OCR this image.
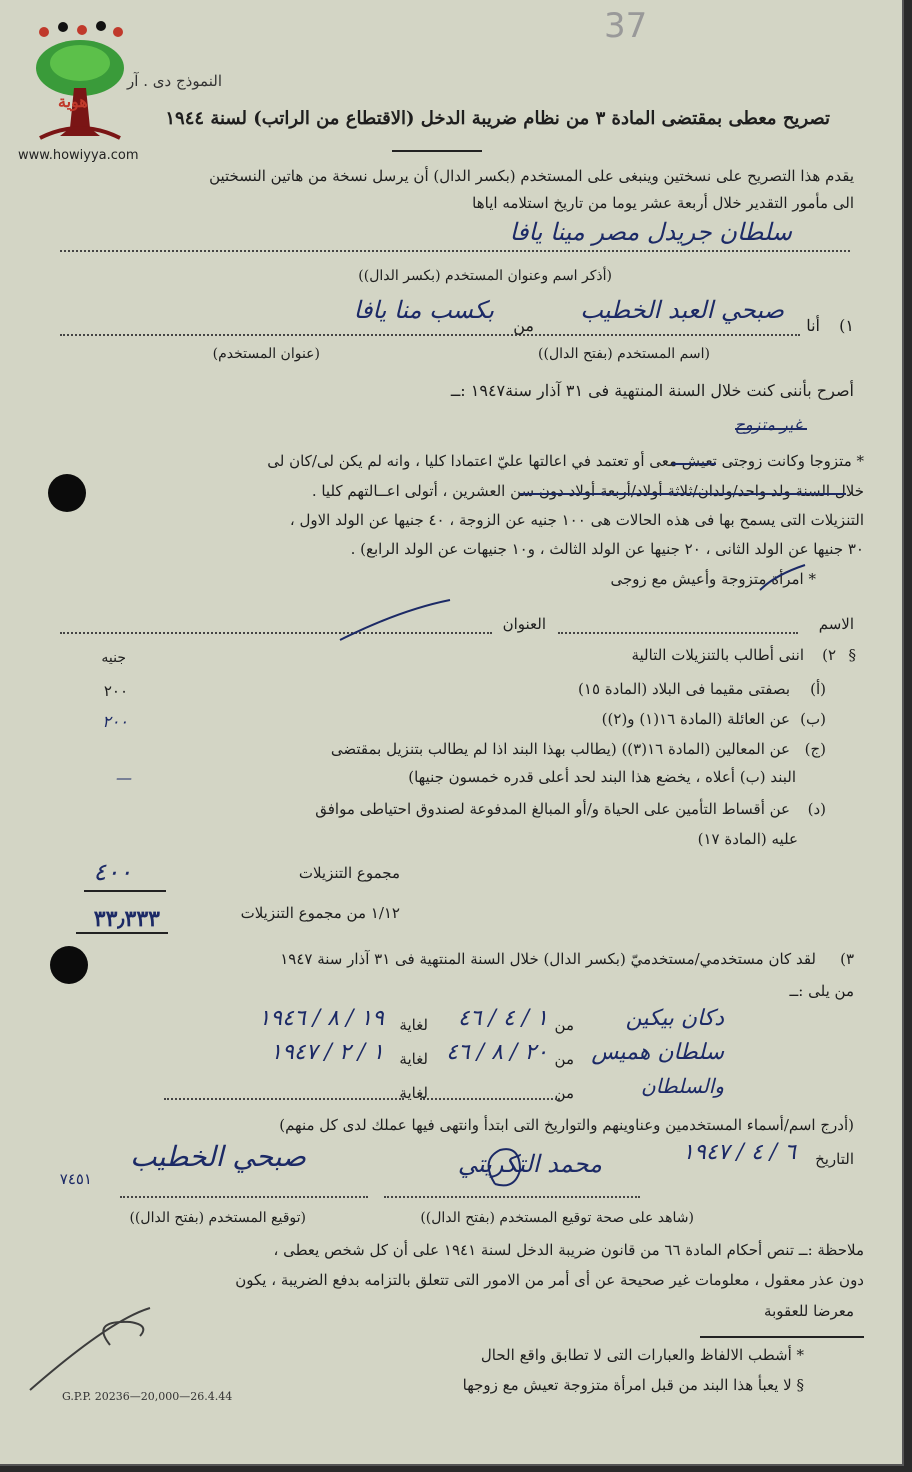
هوية
www.howiyya.com
37
النموذج دى . آر
تصريح معطى بمقتضى المادة ٣ من نظام ضريبة الدخل (الاقتطاع من الراتب) لسنة ١٩٤٤
يقدم هذا التصريح على نسختين وينبغى على المستخدم (بكسر الدال) أن يرسل نسخة من هاتين النسختين
الى مأمور التقدير خلال أربعة عشر يوما من تاريخ استلامه اياها
سلطان جريدل مصر مينا يافا
(أذكر اسم وعنوان المستخدم (بكسر الدال))
١)
أنا
صبحي العبد الخطيب
من
بكسب منا يافا
(اسم المستخدم (بفتح الدال))
(عنوان المستخدم)
أصرح بأننى كنت خلال السنة المنتهية فى ٣١ آذار سنة١٩٤٧ :ــ
غير متزوج
* متزوجا وكانت زوجتى تعيش معى أو تعتمد في اعالتها عليّ اعتمادا كليا ، وانه لم يكن لى/كان لى
خلال السنة ولد واحد/ولدان/ثلاثة أولاد/أربعة أولاد دون سن العشرين ، أتولى اعــالتهم كليا .
التنزيلات التى يسمح بها فى هذه الحالات هى ١٠٠ جنيه عن الزوجة ، ٤٠ جنيها عن الولد الاول ،
٣٠ جنيها عن الولد الثانى ، ٢٠ جنيها عن الولد الثالث ، و١٠ جنيهات عن الولد الرابع) .
* امرأة متزوجة وأعيش مع زوجى
الاسم
العنوان
§
٢)
اننى أطالب بالتنزيلات التالية
جنيه
(أ)
بصفتى مقيما فى البلاد (المادة ١٥)
٢٠٠
(ب)
عن العائلة (المادة ١٦(١) و(٢))
٢٠٠
(ج)
عن المعالين (المادة ١٦(٣)) (يطالب بهذا البند اذا لم يطالب بتنزيل بمقتضى
البند (ب) أعلاه ، يخضع هذا البند لحد أعلى قدره خمسون جنيها)
—
(د)
عن أقساط التأمين على الحياة و/أو المبالغ المدفوعة لصندوق احتياطى موافق
عليه (المادة ١٧)
مجموع التنزيلات
٤٠٠
١/١٢ من مجموع التنزيلات
٣٣٫٣٣٣
٣)
لقد كان مستخدمي/مستخدميّ (بكسر الدال) خلال السنة المنتهية فى ٣١ آذار سنة ١٩٤٧
من يلى :ــ
دكان بيكين
من
١ / ٤ / ٤٦
لغاية
١٩ / ٨ / ١٩٤٦
سلطان هميس
من
٢٠ / ٨ / ٤٦
لغاية
١ / ٢ / ١٩٤٧
والسلطان
من
لغاية
(أدرج اسم/أسماء المستخدمين وعناوينهم والتواريخ التى ابتدأ وانتهى فيها عملك لدى كل منهم)
التاريخ
٦ / ٤ / ١٩٤٧
محمد التكريتي
صبحي الخطيب
٧٤٥١
(شاهد على صحة توقيع المستخدم (بفتح الدال))
(توقيع المستخدم (بفتح الدال))
ملاحظة :ــ تنص أحكام المادة ٦٦ من قانون ضريبة الدخل لسنة ١٩٤١ على أن كل شخص يعطى ،
دون عذر معقول ، معلومات غير صحيحة عن أى أمر من الامور التى تتعلق بالتزامه بدفع الضريبة ، يكون
معرضا للعقوبة
* أشطب الالفاظ والعبارات التى لا تطابق واقع الحال
§ لا يعبأ هذا البند من قبل امرأة متزوجة تعيش مع زوجها
G.P.P. 20236—20,000—26.4.44
